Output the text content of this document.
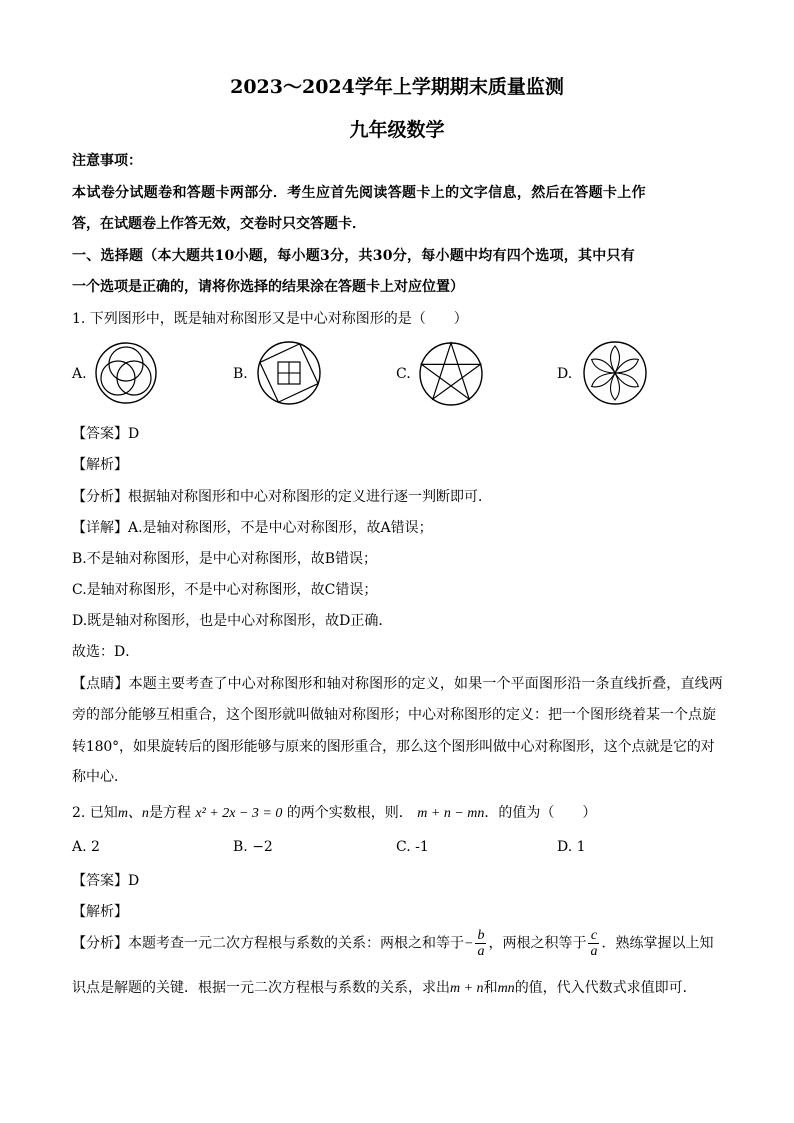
2023～2024学年上学期期末质量监测
九年级数学
注意事项：
本试卷分试题卷和答题卡两部分．考生应首先阅读答题卡上的文字信息，然后在答题卡上作
答，在试题卷上作答无效，交卷时只交答题卡．
一、选择题（本大题共10小题，每小题3分，共30分，每小题中均有四个选项，其中只有
一个选项是正确的，请将你选择的结果涂在答题卡上对应位置）
1. 下列图形中，既是轴对称图形又是中心对称图形的是（　　）
A.	B.	C.	D.
【答案】D
【解析】
【分析】根据轴对称图形和中心对称图形的定义进行逐一判断即可．
【详解】A.是轴对称图形，不是中心对称图形，故A错误；
B.不是轴对称图形，是中心对称图形，故B错误；
C.是轴对称图形，不是中心对称图形，故C错误；
D.既是轴对称图形，也是中心对称图形，故D正确．
故选：D．
【点睛】本题主要考查了中心对称图形和轴对称图形的定义，如果一个平面图形沿一条直线折叠，直线两
旁的部分能够互相重合，这个图形就叫做轴对称图形；中心对称图形的定义：把一个图形绕着某一个点旋
转180°，如果旋转后的图形能够与原来的图形重合，那么这个图形叫做中心对称图形，这个点就是它的对
称中心．
2. 已知m、n是方程 x² + 2x − 3 = 0 的两个实数根，则． m + n − mn．的值为（　　）
A. 2	B. −2	C. -1	D. 1
【答案】D
【解析】
【分析】本题考查一元二次方程根与系数的关系：两根之和等于− $\frac{b}{a}$ ，两根之积等于 $\frac{c}{a}$ ．熟练掌握以上知
识点是解题的关键．根据一元二次方程根与系数的关系，求出m + n和mn的值，代入代数式求值即可．
